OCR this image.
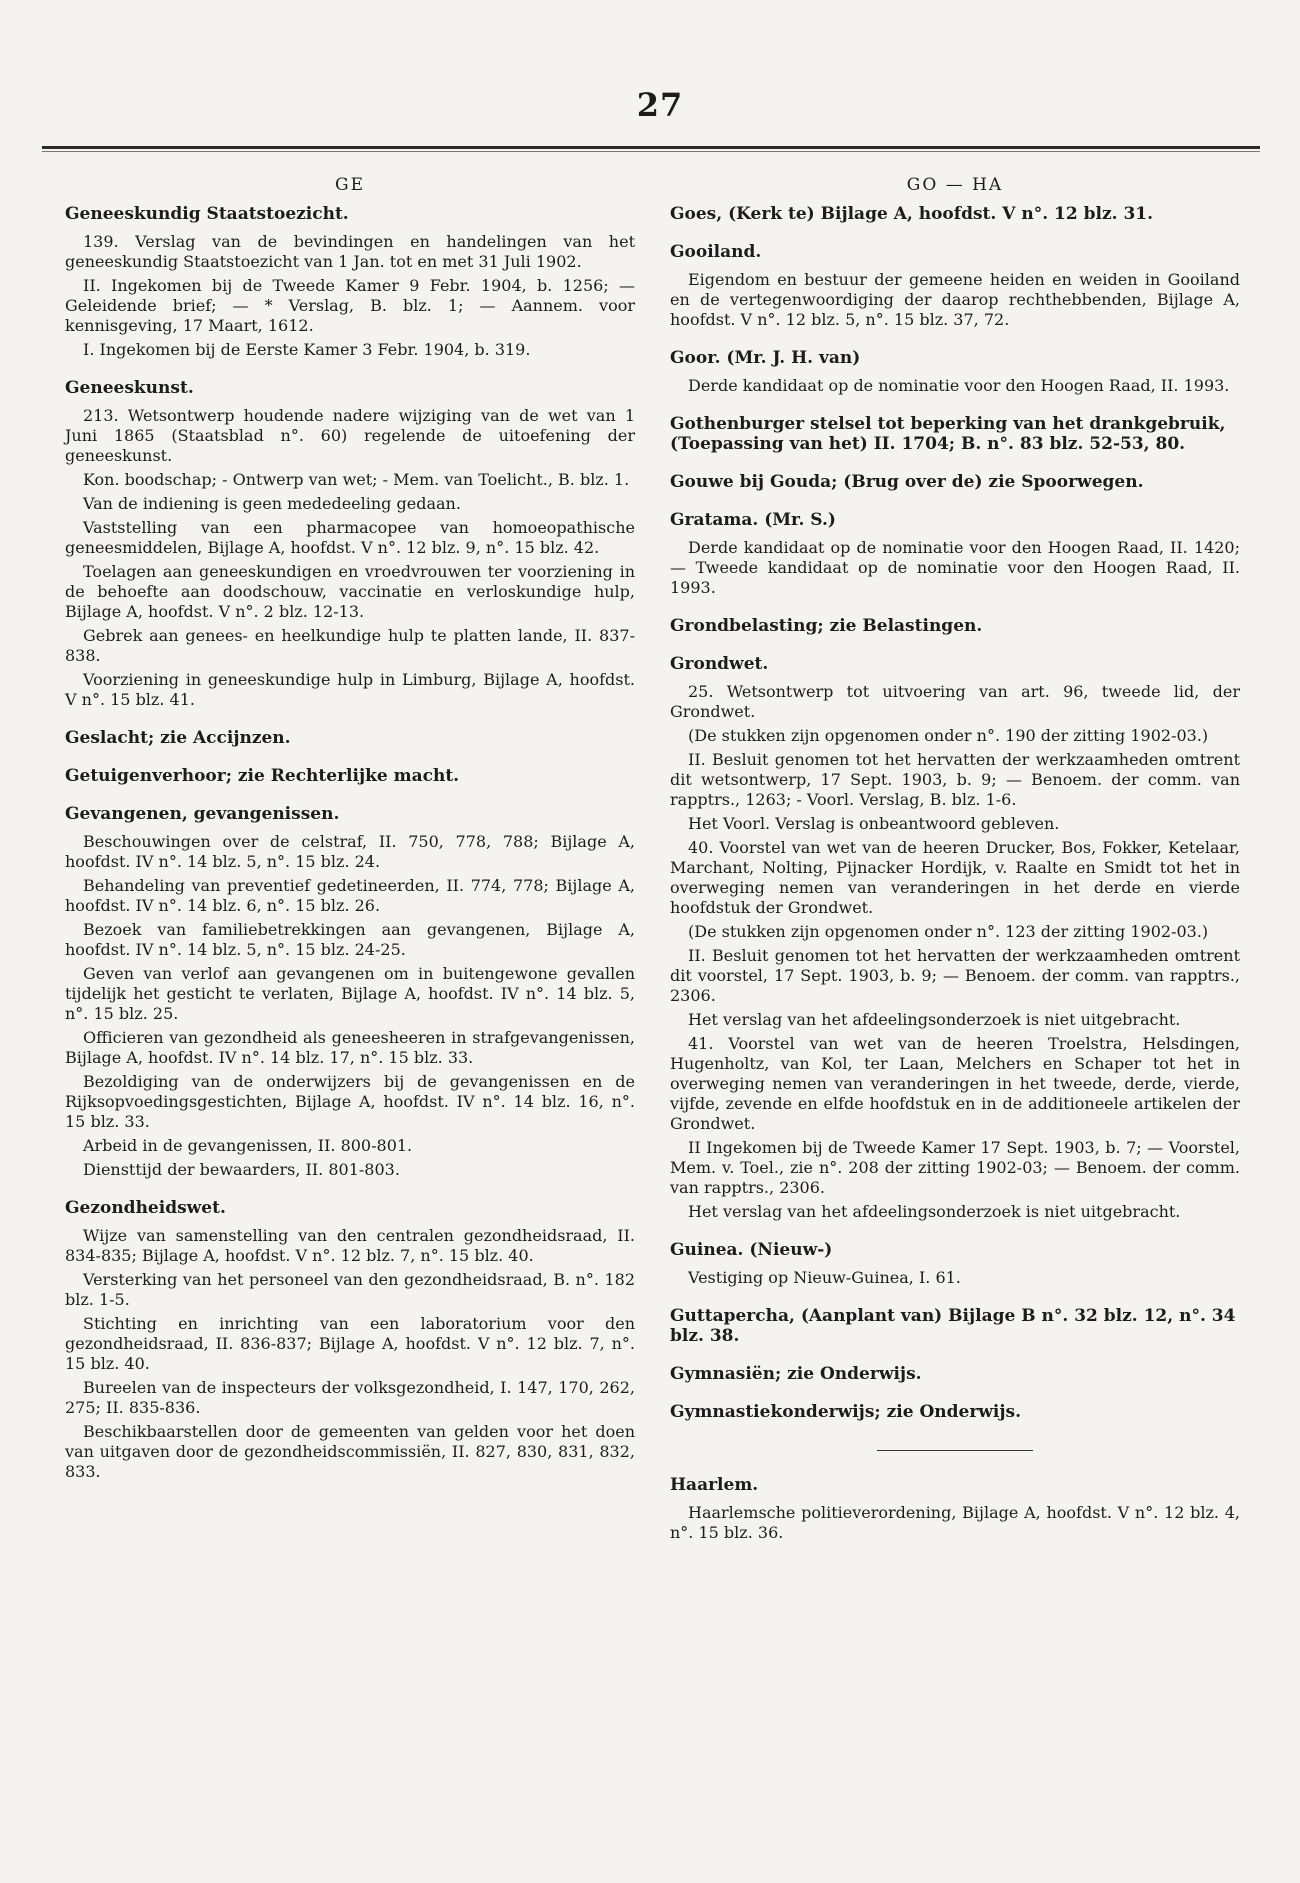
27
GE
Geneeskundig Staatstoezicht.
139. Verslag van de bevindingen en handelingen van het geneeskundig Staatstoezicht van 1 Jan. tot en met 31 Juli 1902.
II. Ingekomen bij de Tweede Kamer 9 Febr. 1904, b. 1256; — Geleidende brief; — * Verslag, B. blz. 1; — Aannem. voor kennisgeving, 17 Maart, 1612.
I. Ingekomen bij de Eerste Kamer 3 Febr. 1904, b. 319.
Geneeskunst.
213. Wetsontwerp houdende nadere wijziging van de wet van 1 Juni 1865 (Staatsblad n°. 60) regelende de uitoefening der geneeskunst.
Kon. boodschap; - Ontwerp van wet; - Mem. van Toelicht., B. blz. 1.
Van de indiening is geen mededeeling gedaan.
Vaststelling van een pharmacopee van homoeopathische geneesmiddelen, Bijlage A, hoofdst. V n°. 12 blz. 9, n°. 15 blz. 42.
Toelagen aan geneeskundigen en vroedvrouwen ter voorziening in de behoefte aan doodschouw, vaccinatie en verloskundige hulp, Bijlage A, hoofdst. V n°. 2 blz. 12-13.
Gebrek aan genees- en heelkundige hulp te platten lande, II. 837-838.
Voorziening in geneeskundige hulp in Limburg, Bijlage A, hoofdst. V n°. 15 blz. 41.
Geslacht; zie Accijnzen.
Getuigenverhoor; zie Rechterlijke macht.
Gevangenen, gevangenissen.
Beschouwingen over de celstraf, II. 750, 778, 788; Bijlage A, hoofdst. IV n°. 14 blz. 5, n°. 15 blz. 24.
Behandeling van preventief gedetineerden, II. 774, 778; Bijlage A, hoofdst. IV n°. 14 blz. 6, n°. 15 blz. 26.
Bezoek van familiebetrekkingen aan gevangenen, Bijlage A, hoofdst. IV n°. 14 blz. 5, n°. 15 blz. 24-25.
Geven van verlof aan gevangenen om in buitengewone gevallen tijdelijk het gesticht te verlaten, Bijlage A, hoofdst. IV n°. 14 blz. 5, n°. 15 blz. 25.
Officieren van gezondheid als geneesheeren in strafgevangenissen, Bijlage A, hoofdst. IV n°. 14 blz. 17, n°. 15 blz. 33.
Bezoldiging van de onderwijzers bij de gevangenissen en de Rijksopvoedingsgestichten, Bijlage A, hoofdst. IV n°. 14 blz. 16, n°. 15 blz. 33.
Arbeid in de gevangenissen, II. 800-801.
Diensttijd der bewaarders, II. 801-803.
Gezondheidswet.
Wijze van samenstelling van den centralen gezondheidsraad, II. 834-835; Bijlage A, hoofdst. V n°. 12 blz. 7, n°. 15 blz. 40.
Versterking van het personeel van den gezondheidsraad, B. n°. 182 blz. 1-5.
Stichting en inrichting van een laboratorium voor den gezondheidsraad, II. 836-837; Bijlage A, hoofdst. V n°. 12 blz. 7, n°. 15 blz. 40.
Bureelen van de inspecteurs der volksgezondheid, I. 147, 170, 262, 275; II. 835-836.
Beschikbaarstellen door de gemeenten van gelden voor het doen van uitgaven door de gezondheidscommissiën, II. 827, 830, 831, 832, 833.
GO — HA
Goes, (Kerk te) Bijlage A, hoofdst. V n°. 12 blz. 31.
Gooiland.
Eigendom en bestuur der gemeene heiden en weiden in Gooiland en de vertegenwoordiging der daarop rechthebbenden, Bijlage A, hoofdst. V n°. 12 blz. 5, n°. 15 blz. 37, 72.
Goor. (Mr. J. H. van)
Derde kandidaat op de nominatie voor den Hoogen Raad, II. 1993.
Gothenburger stelsel tot beperking van het drankgebruik, (Toepassing van het) II. 1704; B. n°. 83 blz. 52-53, 80.
Gouwe bij Gouda; (Brug over de) zie Spoorwegen.
Gratama. (Mr. S.)
Derde kandidaat op de nominatie voor den Hoogen Raad, II. 1420; — Tweede kandidaat op de nominatie voor den Hoogen Raad, II. 1993.
Grondbelasting; zie Belastingen.
Grondwet.
25. Wetsontwerp tot uitvoering van art. 96, tweede lid, der Grondwet.
(De stukken zijn opgenomen onder n°. 190 der zitting 1902-03.)
II. Besluit genomen tot het hervatten der werkzaamheden omtrent dit wetsontwerp, 17 Sept. 1903, b. 9; — Benoem. der comm. van rapptrs., 1263; - Voorl. Verslag, B. blz. 1-6.
Het Voorl. Verslag is onbeantwoord gebleven.
40. Voorstel van wet van de heeren Drucker, Bos, Fokker, Ketelaar, Marchant, Nolting, Pijnacker Hordijk, v. Raalte en Smidt tot het in overweging nemen van veranderingen in het derde en vierde hoofdstuk der Grondwet.
(De stukken zijn opgenomen onder n°. 123 der zitting 1902-03.)
II. Besluit genomen tot het hervatten der werkzaamheden omtrent dit voorstel, 17 Sept. 1903, b. 9; — Benoem. der comm. van rapptrs., 2306.
Het verslag van het afdeelingsonderzoek is niet uitgebracht.
41. Voorstel van wet van de heeren Troelstra, Helsdingen, Hugenholtz, van Kol, ter Laan, Melchers en Schaper tot het in overweging nemen van veranderingen in het tweede, derde, vierde, vijfde, zevende en elfde hoofdstuk en in de additioneele artikelen der Grondwet.
II Ingekomen bij de Tweede Kamer 17 Sept. 1903, b. 7; — Voorstel, Mem. v. Toel., zie n°. 208 der zitting 1902-03; — Benoem. der comm. van rapptrs., 2306.
Het verslag van het afdeelingsonderzoek is niet uitgebracht.
Guinea. (Nieuw-)
Vestiging op Nieuw-Guinea, I. 61.
Guttapercha, (Aanplant van) Bijlage B n°. 32 blz. 12, n°. 34 blz. 38.
Gymnasiën; zie Onderwijs.
Gymnastiekonderwijs; zie Onderwijs.
Haarlem.
Haarlemsche politieverordening, Bijlage A, hoofdst. V n°. 12 blz. 4, n°. 15 blz. 36.
